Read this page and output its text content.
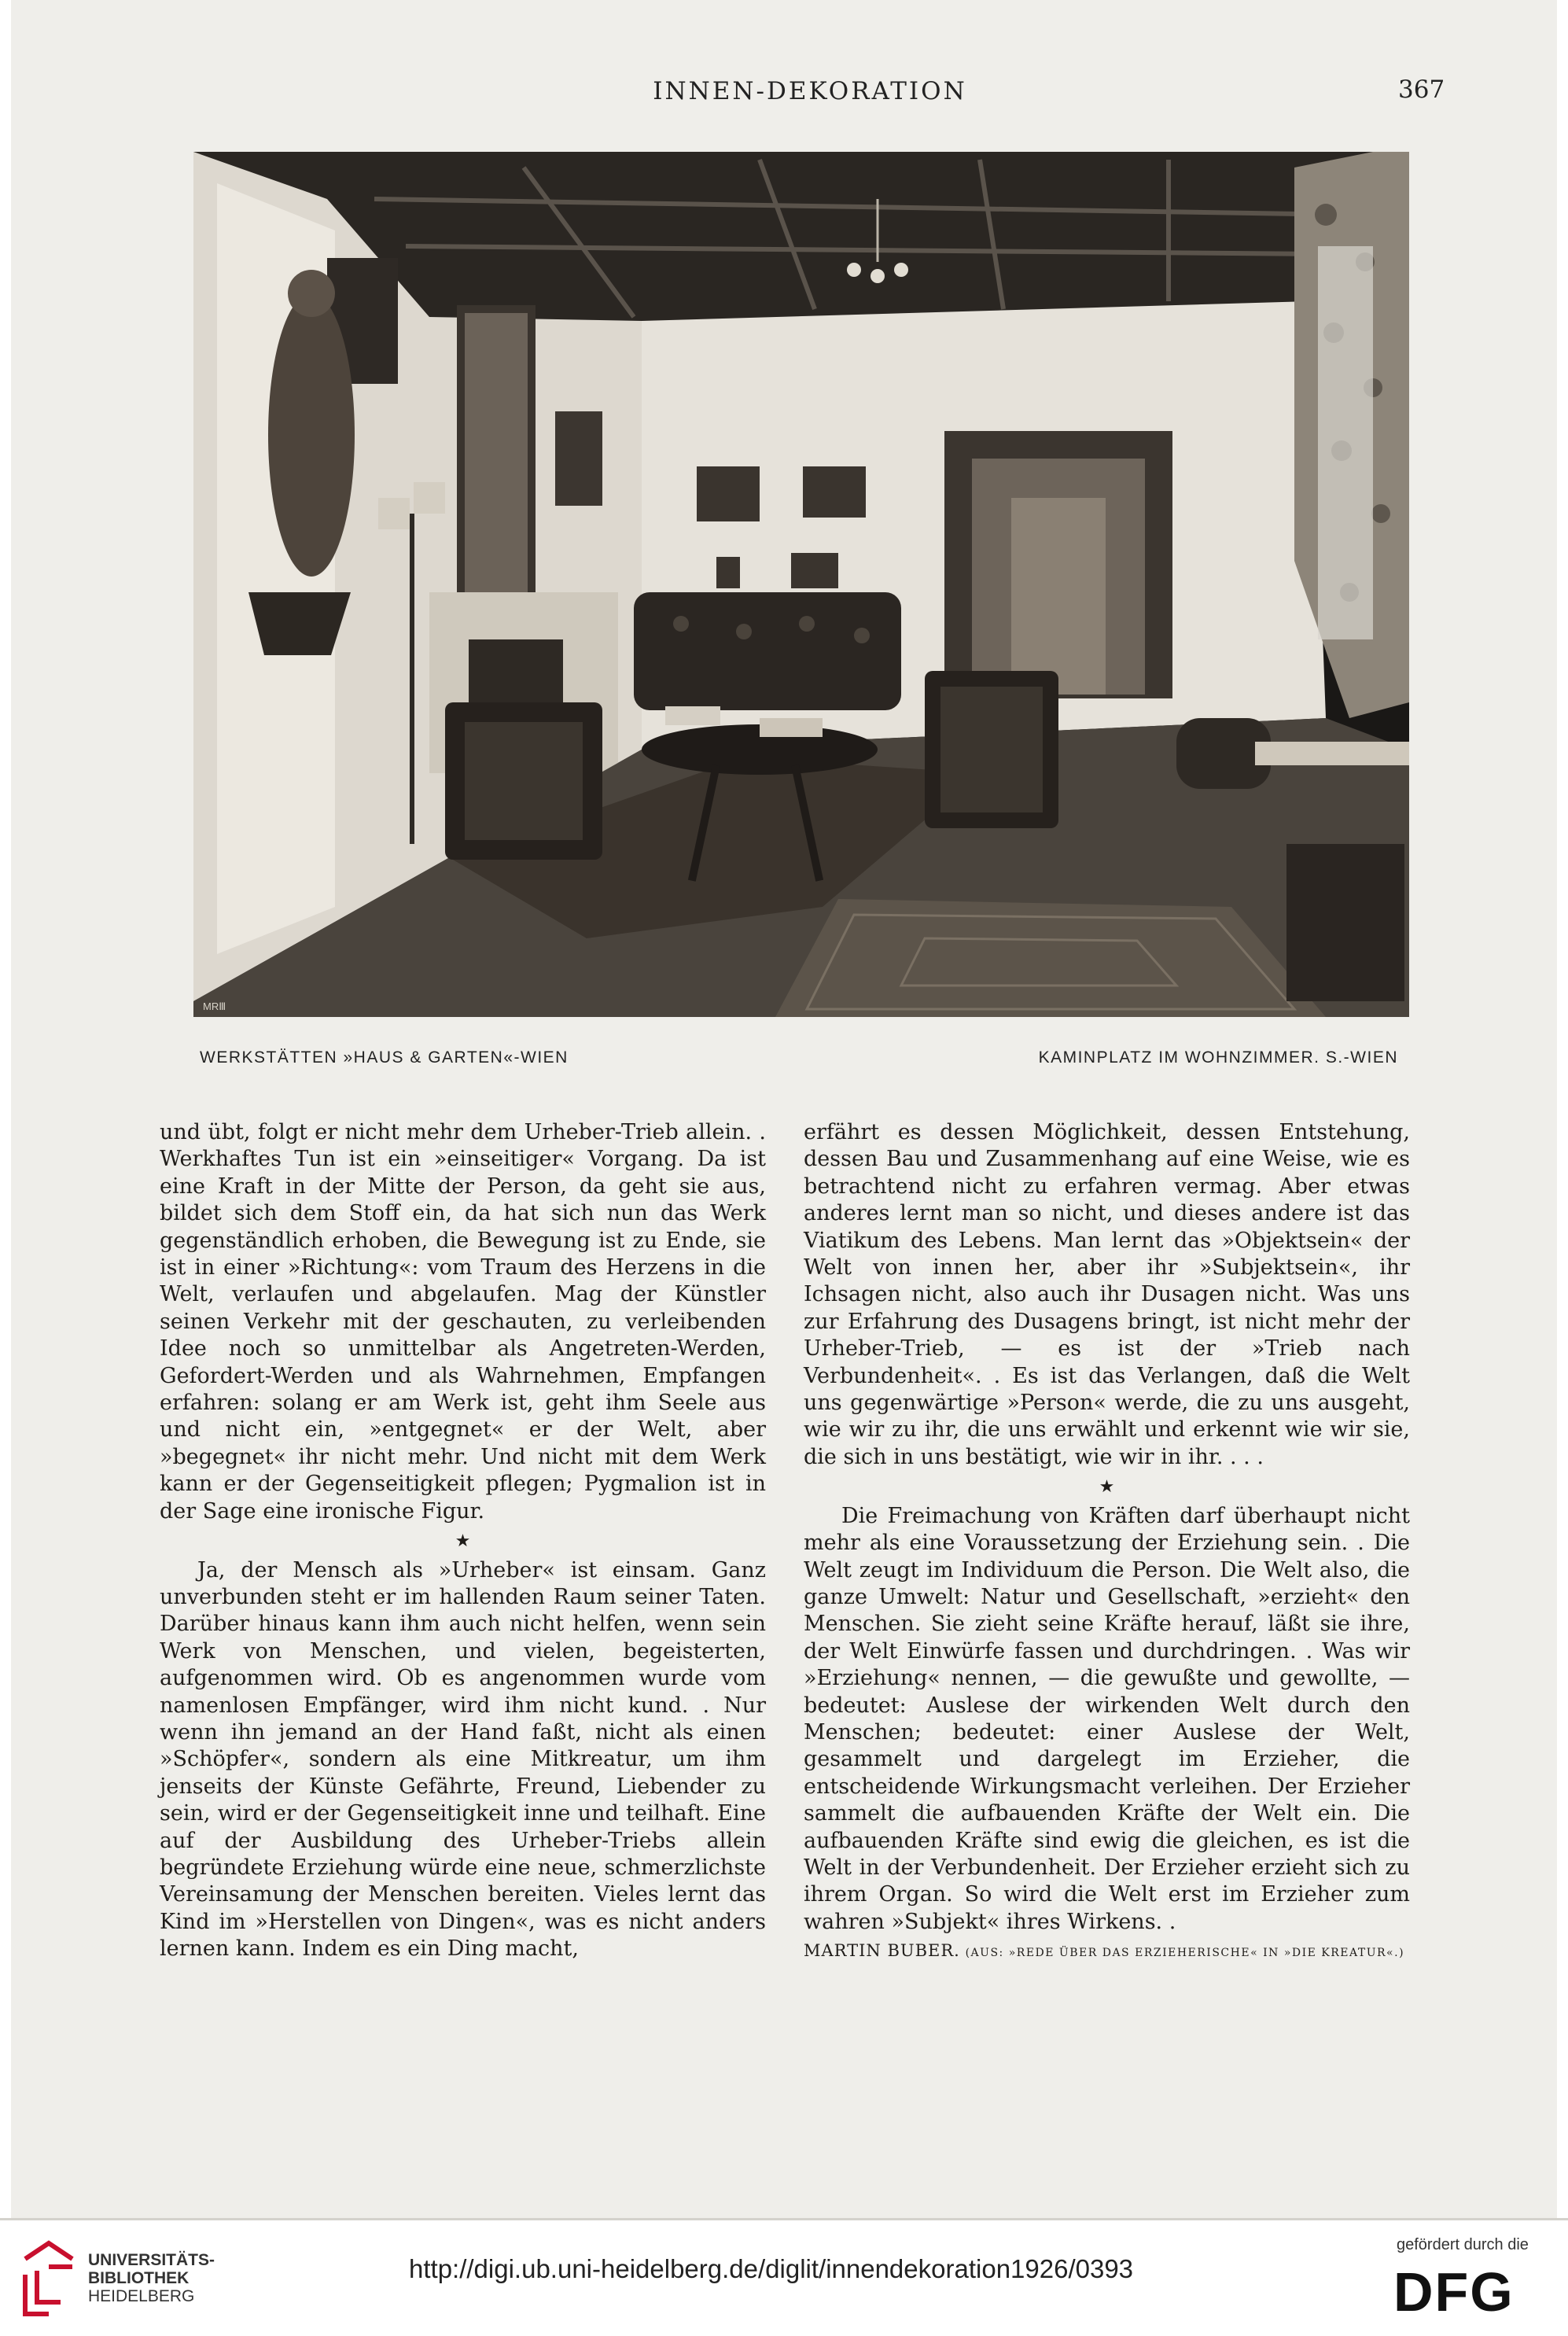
INNEN-DEKORATION	367
MRⅢ
WERKSTÄTTEN »HAUS & GARTEN«-WIEN	KAMINPLATZ IM WOHNZIMMER. S.-WIEN

und übt, folgt er nicht mehr dem Urheber-Trieb allein. . Werkhaftes Tun ist ein »einseitiger« Vorgang. Da ist eine Kraft in der Mitte der Person, da geht sie aus, bildet sich dem Stoff ein, da hat sich nun das Werk gegenständlich erhoben, die Bewegung ist zu Ende, sie ist in einer »Richtung«: vom Traum des Herzens in die Welt, verlaufen und abgelaufen. Mag der Künstler seinen Verkehr mit der geschauten, zu verleibenden Idee noch so unmittelbar als Angetreten-Werden, Gefordert-Werden und als Wahrnehmen, Empfangen erfahren: solang er am Werk ist, geht ihm Seele aus und nicht ein, »entgegnet« er der Welt, aber »begegnet« ihr nicht mehr. Und nicht mit dem Werk kann er der Gegenseitigkeit pflegen; Pygmalion ist in der Sage eine ironische Figur.

★

Ja, der Mensch als »Urheber« ist einsam. Ganz unverbunden steht er im hallenden Raum seiner Taten. Darüber hinaus kann ihm auch nicht helfen, wenn sein Werk von Menschen, und vielen, begeisterten, aufgenommen wird. Ob es angenommen wurde vom namenlosen Empfänger, wird ihm nicht kund. . Nur wenn ihn jemand an der Hand faßt, nicht als einen »Schöpfer«, sondern als eine Mitkreatur, um ihm jenseits der Künste Gefährte, Freund, Liebender zu sein, wird er der Gegenseitigkeit inne und teilhaft. Eine auf der Ausbildung des Urheber-Triebs allein begründete Erziehung würde eine neue, schmerzlichste Vereinsamung der Menschen bereiten. Vieles lernt das Kind im »Herstellen von Dingen«, was es nicht anders lernen kann. Indem es ein Ding macht,

erfährt es dessen Möglichkeit, dessen Entstehung, dessen Bau und Zusammenhang auf eine Weise, wie es betrachtend nicht zu erfahren vermag. Aber etwas anderes lernt man so nicht, und dieses andere ist das Viatikum des Lebens. Man lernt das »Objektsein« der Welt von innen her, aber ihr »Subjektsein«, ihr Ichsagen nicht, also auch ihr Dusagen nicht. Was uns zur Erfahrung des Dusagens bringt, ist nicht mehr der Urheber-Trieb, — es ist der »Trieb nach Verbundenheit«. . Es ist das Verlangen, daß die Welt uns gegenwärtige »Person« werde, die zu uns ausgeht, wie wir zu ihr, die uns erwählt und erkennt wie wir sie, die sich in uns bestätigt, wie wir in ihr. . . .

★

Die Freimachung von Kräften darf überhaupt nicht mehr als eine Voraussetzung der Erziehung sein. . Die Welt zeugt im Individuum die Person. Die Welt also, die ganze Umwelt: Natur und Gesellschaft, »erzieht« den Menschen. Sie zieht seine Kräfte herauf, läßt sie ihre, der Welt Einwürfe fassen und durchdringen. . Was wir »Erziehung« nennen, — die gewußte und gewollte, — bedeutet: Auslese der wirkenden Welt durch den Menschen; bedeutet: einer Auslese der Welt, gesammelt und dargelegt im Erzieher, die entscheidende Wirkungsmacht verleihen. Der Erzieher sammelt die aufbauenden Kräfte der Welt ein. Die aufbauenden Kräfte sind ewig die gleichen, es ist die Welt in der Verbundenheit. Der Erzieher erzieht sich zu ihrem Organ. So wird die Welt erst im Erzieher zum wahren »Subjekt« ihres Wirkens. .

MARTIN BUBER. (AUS: »REDE ÜBER DAS ERZIEHERISCHE« IN »DIE KREATUR«.)
UNIVERSITÄTS-
BIBLIOTHEK
HEIDELBERG
http://digi.ub.uni-heidelberg.de/diglit/innendekoration1926/0393
gefördert durch die
DFG
